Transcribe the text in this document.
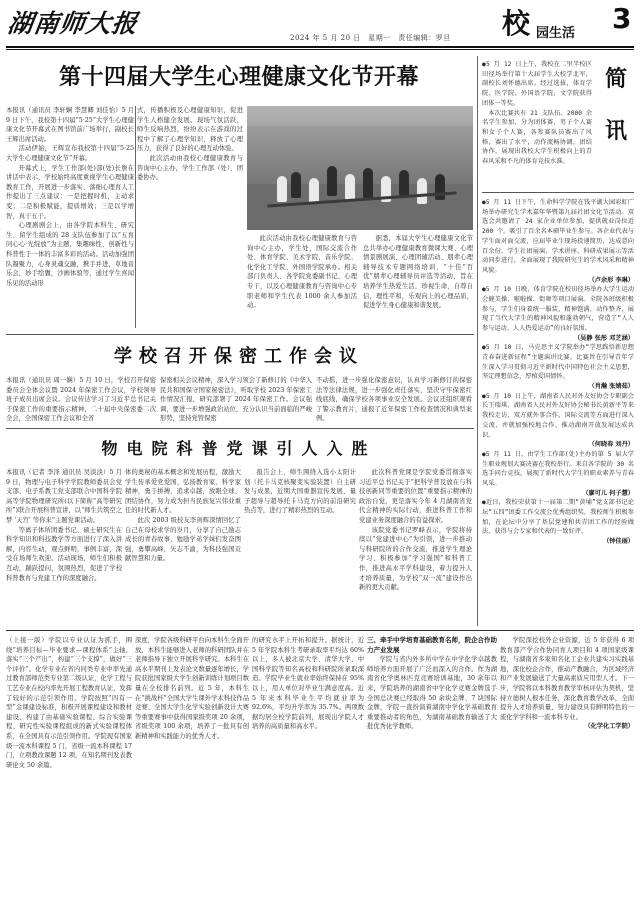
湖南师大报	2024 年 5 月 20 日　星期一　责任编辑：罗旦 校 园生活 3
第十四届大学生心理健康文化节开幕

本报讯（通讯员 李轩娴 李慧卿 刘佳怡）5 月 9 日下午，我校第十四届“5·25”大学生心理健康文化节开幕式在图书馆前广场举行，副校长王辉出席活动。

活动伊始，王辉宣布我校第十四届“5·25 大学生心理健康文化节”开幕。

开幕式上，学生工作部(处)部(处)长詹在讲话中表示，学校始终高度重视学生心理健康教育工作，开展进一步落实、落细心理育人工作提出了三点建议：一是把握时机，主动求变；二是积极赋能，提质增效；三是以学增智，真干五干。

心理剧剧会上，由各学院本科生、研究生、留学生组成的 28 支队伍参加了以“五育同心心·光绽放”为主题，集趣味性、创新性与科普性于一体的丰富多彩的活动。活动加强团队凝聚力，心身灵魂交融，携手并进，草地音乐会，妙手绘囊，沙画体验等，通过学生喜闻乐见的活动形

式，传播积极及心理健康知识，促进学生人格健全发展。现场气氛活跃，师生反响热烈，纷纷表示在游戏的过程中了解了心理学知识，释放了心理压力，获得了良好的心理互动体验。

此次活动由我校心理健康教育与咨询中心主办，学生工作部（处）、团委协办。

此次活动由我校心理健康教育与咨询中心主办，学生处，国际交流合作处、体育学院、美术学院、音乐学院、化学化工学院、外国语学院承办。相关部门负责人、各学院党委副书记、心理专干，以及心理健康教育与咨询中心专职老师和学生代表 1000 余人参加活动。

据悉，本届大学生心理健康文化节总共举办心理健康教育微课大赛、心理情景剧展演、心理团辅活动、朋辈心理辅导技术专题网络培训、“十佳”百优”朋辈心理辅导员评选等活动，旨在培养学生热爱生活，珍视生命，自尊自信，理性平和，乐观向上的心理品质，促进学生身心健康和谐发展。

学校召开保密工作会议

本报讯（通讯员 周一娴）5 月 10 日，学校召开保密委员会全体会议暨 2024 年保密工作会议，学校领导班子成员出席会议。会议传达学习了习近平总书记关于保密工作的重要指示精神，二十届中央保密委二次全会，全国保密工作会议和全省

保密相关会议精神，深入学习领会了新修订的《中华人民共和国保守国家秘密法》，听取学校 2023 年保密工作情况汇报，研究部署了 2024 年保密工作。会议强调，要进一步增强政治站位，充分认识当前面临的严峻形势，坚持党管保密

不动摇，进一步强化保密意识，认真学习新修订的保密法等法律法规，进一步强化责任落实，坚决守牢保密红线底线，确保学校各项事业安全发展。会议还组织观看了警示教育片，通报了近年保密工作检查情况和典型案例。

物电院科普党课引人入胜

本报讯（记者 李泽 通讯员 吴淡淡）5 月 9 日，物理与电子科学学院教师委员会党支部、电子系教工党支部联合中国科学院高等学院物理研究所(以下简称“高等研究所”)联合开展科普宣讲，以“师生共筑空之梦 ‘天宫’ 等你来”主题党课活动。

等离子体所团委书记、硕士研究生在科学知识和科技教学等方面进行了深入讲解，内容生动，观点鲜明，事例丰富，深受在场师生欢迎。活动现场，师生们积极互动，踊跃提问，氛围热烈，促进了学校科普教育与党建工作的深度融合。

体的奥秘的基本概念和发展历程，激励大学生传承爱党爱国、弘扬教育家、科学家精神，勇于拼搏，追求卓越，放眼全球、团结协作，努力成为担当民族复兴伟业重任的时代新人才。

此次 2003 级校友李剑辉深情回忆了自己在母校求学的岁月，分享了自己励志成长的青春故事，勉励学弟学妹们发奋图强，勇攀高峰，矢志不渝，为科技强国贡献智慧和力量。

报告会上，师生围绕入选小太阳计划（托卡马克核聚变实验装置）自主研发与成果，近期大国重器宣传发展、量子超导与超导托卡马克方向的前沿研究热点等，进行了精彩热烈的互动。

此次科普党课是学院党委贯彻落实习近平总书记关于“把科学普及放在与科技创新同等重要的位置”重要指示精神的政治自觉，更是落实今年 4 月湖南省党代会精神的实际行动，推进科普工作和党建业务深度融合的有益探索。

该院党委书记罗峰表示，学院将持续以“党建进中心”为引领，进一步推动与科研院所的合作交流，推进学生理论学习、积极参加“学习强国”和科普工作，推进高水平学科建设，着力提升人才培养质量，为学校“双一流”建设作出新的更大贡献。

●5 月 12 日上午，我校在二里半校区田径场举行第十大届学生大校学北军，副校长刘怀德出席。经过选拔，体育学院、医学院、外国语学院、文学院获得团体一等奖。
　本次比赛共有 21 支队伍、2000 余名学生参加，分为团体赛、男子个人赛和女子个人赛，各参赛队员赛出了风格，赛出了水平，动作流畅协调，团结协作，展现出我校大学生积极向上的青春风采和不凡的体育竞技水准。

简
讯

●5 月 11 日下午，生命科学学院在钱平湖大园彩虹广场举办研究生学术嘉年华暨第九届社团文化节活动。双选会共邀请了 24 家企业单位参加，提供就业岗位近 200 个。吸引了百余名本硕毕业生参与。各企业代表与学生面对面交流，应届毕业生现场投递简历，达成意向百余份。学生社团展演、学术讲座、科研成果展示等活动同步进行，全面展现了我院研究生的学术风采和精神风貌。

（卢余形 李琳）

●5 月 10 日晚，体育学院在校田径场举办大学生运动会健美操、啦啦操、街舞等项目展演。全院各班级积极参与，学生们身着统一服装，精神饱满，动作整齐，展现了当代大学生的精神风貌和蓬勃朝气，营造了“人人参与运动、人人热爱运动”的良好氛围。

（吴静 张彤 邓芝涵）

●5 月 10 日，马克思主义学院举办“学思践悟新思想 青春奋进新征程”主题演讲比赛。比赛旨在引导青年学生深入学习贯彻习近平新时代中国特色社会主义思想，坚定理想信念，厚植爱国情怀。

（肖瀚 张婧茹）

●5 月 10 日上午，湖南省人民对外友好协会专职副会长王瑞琪、湖南省人民对外友好协会秘书长黄新平等来我校走访，双方就外事合作、国际交流等方面进行深入交流，并就加强校地合作、推动湖南开放发展达成共识。

（何晓春 刘丹）

●5 月 11 日，由学生工作部(处)主办的第 5 届大学生职业规划大赛决赛在我校举行。来自各学院的 30 名选手同台竞技，展现了新时代大学生的职业素养与青春风采。

（廖可儿 何子慧）

●近日，我校荣获第十一届第二期“黄埔”党支部书记论坛“五四”团委工作交流会优秀组织奖，我校师生积极参加，在论坛中分享了基层党建和共青团工作的经验做法，获得与会专家和代表的一致好评。

（钟佳丽）

（上接一版）学院以专业认证为抓手，围绕“培养目标—毕业要求—课程体系”主轴，落实“三个产出”，构建“三个支撑”，做好“三个评价”。化学专业在省内同类专业中率先通过教育部师范类专业第二级认证，化学工程与工艺专业在校内率先开展工程教育认证，发挥了较好的示范引领作用。学院按照“四有一型”金课建设标准，积极开展课程建设和教材建设，构建了由基础实验课程、综合实验课程、研究性实验课程组成的新式实验课程体系，在全国具有示范引领作用。学院现有国家级一流本科课程 5 门，省级一流本科课程 17 门，立项教改课题 12 项，在知名期刊发表教研论文 50 余篇。

深度，学院各级科研平台向本科生全面开放，本科生能够进入老师的科研团队并在老师指导下独立开展科学研究。本科生在高水平期刊上发表论文数量逐年增长，学院获批国家级大学生创新训练计划项目数量在全校排名前列。近 5 年，本科生在“挑战杯”全国大学生课外学术科技作品竞赛、全国大学生化学实验创新设计大赛等重要赛事中获得国家级奖项 20 余项，省级奖项 100 余项，培养了一批具有创新精神和实践能力的优秀人才。

的研究水平上开拓和提升。据统计，近 5 年学院本科生考研录取率平均达 60% 以上，多人被北京大学、清华大学、中国科学院等知名高校和科研院所录取深造。学院毕业生就业率始终保持在 95% 以上，用人单位对毕业生满意度高。近 5 年来本科毕业生平均就业率为 92.6%，平均升学率为 35.7%。两项数据均居全校学院前列，展现出学院人才培养的高质量和高水平。

三、牵手中学培育基础教育名师，院企合作助力产业发展

学院与省内外多所中学在中学化学卓越教师培养方面开展了广泛而深入的合作。作为湖南省化学奥林匹克竞赛培训基地，30 余年以来，学院培养的湖南省中学化学竞赛金牌选手全国总决赛已经取得 50 余块金牌、7 块国际金牌，学院一直扮演着湖南中学化学基础教育重要推动者的角色，为湖南基础教育输送了大批优秀化学教师。

学院深挖校外企业资源，近 5 年获得 6 项教育部产学合作协同育人项目和 4 项国家级课程，与湖南省多家知名化工企业共建实习实践基地，深化校企合作，推动产教融合，为区域经济和产业发展输送了大量高素质应用型人才。下一步，学院将以本科教育教学审核评估为契机，坚持立德树人根本任务，深化教育教学改革，全面提升人才培养质量，努力建设具有鲜明特色的一流化学学科和一流本科专业。

（化学化工学院）
